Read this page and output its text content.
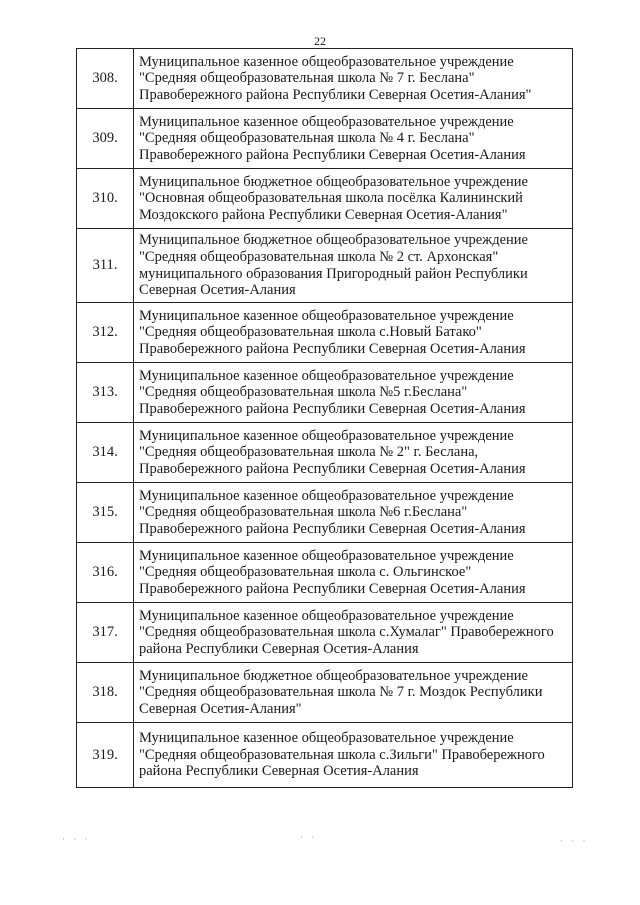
22
308.	Муниципальное казенное общеобразовательное учреждение
"Средняя общеобразовательная школа № 7 г. Беслана"
Правобережного района Республики Северная Осетия-Алания"

309.	Муниципальное казенное общеобразовательное учреждение
"Средняя общеобразовательная школа № 4 г. Беслана"
Правобережного района Республики Северная Осетия-Алания

310.	Муниципальное бюджетное общеобразовательное учреждение
"Основная общеобразовательная школа посёлка Калининский
Моздокского района Республики Северная Осетия-Алания"

311.	Муниципальное бюджетное общеобразовательное учреждение
"Средняя общеобразовательная школа № 2 ст. Архонская"
муниципального образования Пригородный район Республики
Северная Осетия-Алания

312.	Муниципальное казенное общеобразовательное учреждение
"Средняя общеобразовательная школа с.Новый Батако"
Правобережного района Республики Северная Осетия-Алания

313.	Муниципальное казенное общеобразовательное учреждение
"Средняя общеобразовательная школа №5 г.Беслана"
Правобережного района Республики Северная Осетия-Алания

314.	Муниципальное казенное общеобразовательное учреждение
"Средняя общеобразовательная школа № 2" г. Беслана,
Правобережного района Республики Северная Осетия-Алания

315.	Муниципальное казенное общеобразовательное учреждение
"Средняя общеобразовательная школа №6 г.Беслана"
Правобережного района Республики Северная Осетия-Алания

316.	Муниципальное казенное общеобразовательное учреждение
"Средняя общеобразовательная школа с. Ольгинское"
Правобережного района Республики Северная Осетия-Алания

317.	Муниципальное казенное общеобразовательное учреждение
"Средняя общеобразовательная школа с.Хумалаг" Правобережного
района Республики Северная Осетия-Алания

318.	Муниципальное бюджетное общеобразовательное учреждение
"Средняя общеобразовательная школа № 7 г. Моздок Республики
Северная Осетия-Алания"

319.	Муниципальное казенное общеобразовательное учреждение
"Средняя общеобразовательная школа с.Зильги" Правобережного
района Республики Северная Осетия-Алания
· · ·	· ·	· · ·
